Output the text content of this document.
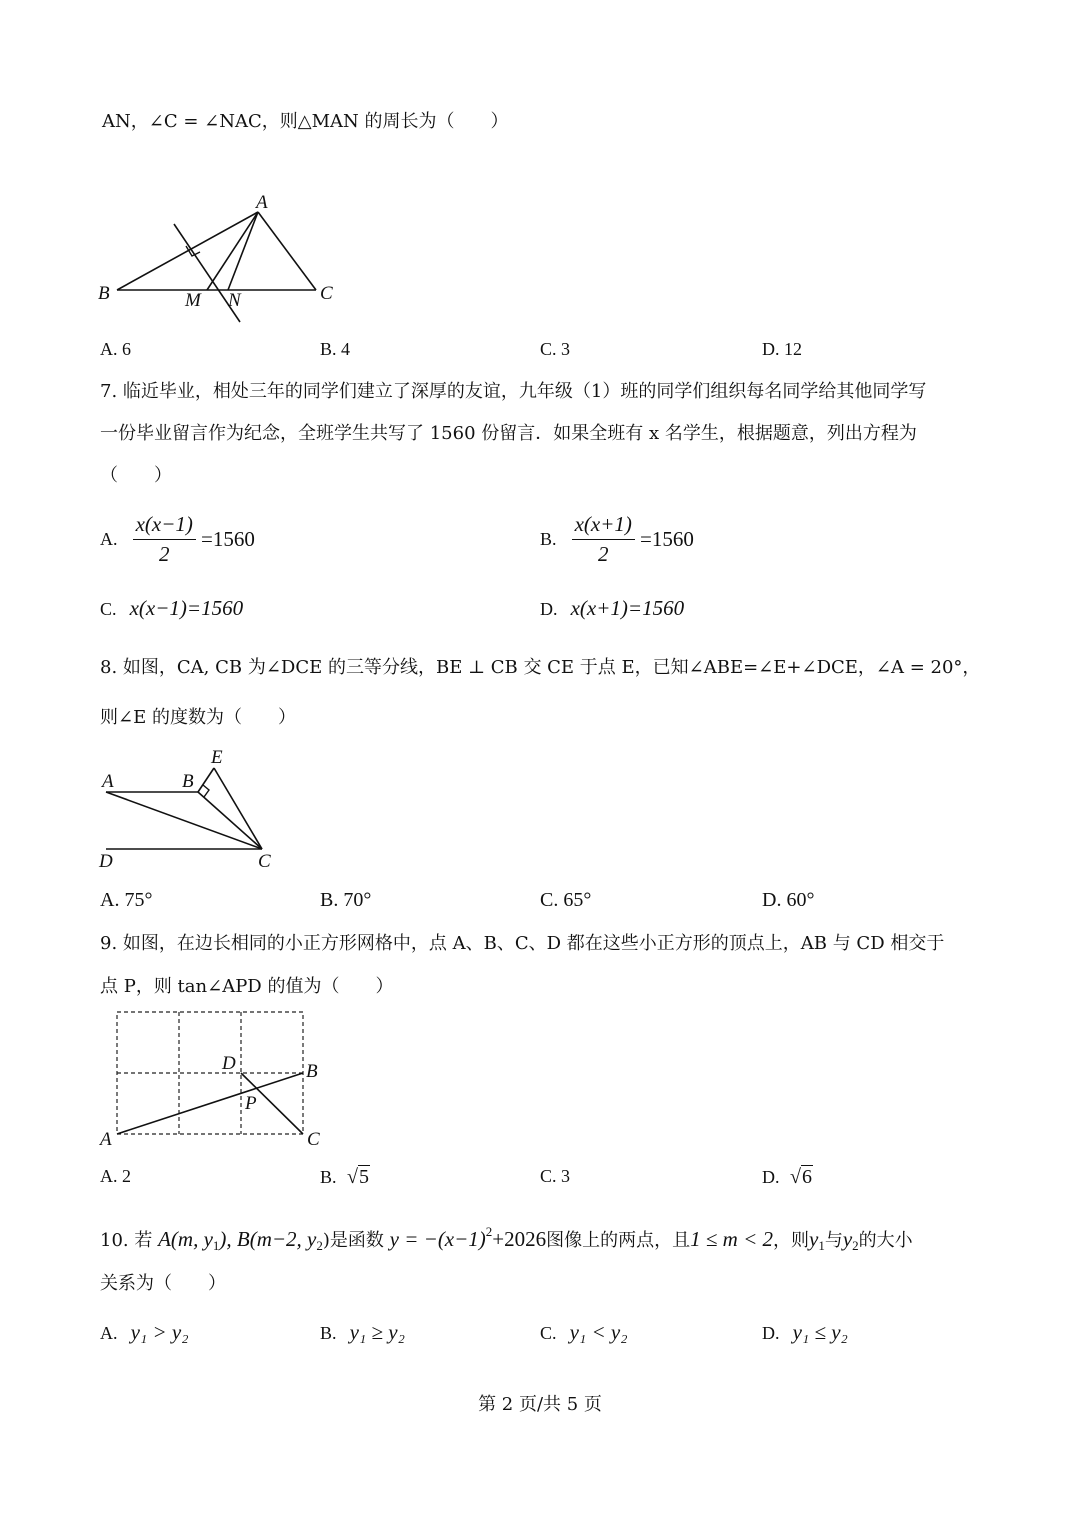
AN，∠C = ∠NAC，则△MAN 的周长为（　　）
A
B	C
M N
A. 6	B. 4	C. 3	D. 12
7. 临近毕业，相处三年的同学们建立了深厚的友谊，九年级（1）班的同学们组织每名同学给其他同学写
一份毕业留言作为纪念，全班学生共写了 1560 份留言．如果全班有 x 名学生，根据题意，列出方程为
（　　）
A. $\frac{x(x-1)}{2} =1560$	B. $\frac{x(x+1)}{2} =1560$
C. x(x−1)=1560	D. x(x+1)=1560
8. 如图，CA, CB 为∠DCE 的三等分线，BE ⊥ CB 交 CE 于点 E，已知∠ABE=∠E+∠DCE，∠A = 20°，
则∠E 的度数为（　　）
A	B
E
D	C
A. 75°	B. 70°	C. 65°	D. 60°
9. 如图，在边长相同的小正方形网格中，点 A、B、C、D 都在这些小正方形的顶点上，AB 与 CD 相交于
点 P，则 tan∠APD 的值为（　　）
D	B
P
A	C
A. 2	B. √5	C. 3	D. √6
10. 若 A(m, $y_1$), B(m−2, $y_2$)是函数 $y = -(x-1)^2+2026$图像上的两点，且1 ≤ m < 2，则$y_1$与$y_2$的大小
关系为（　　）
A. y₁ > y₂	B. y₁ ≥ y₂	C. y₁ < y₂	D. y₁ ≤ y₂
第 2 页/共 5 页
